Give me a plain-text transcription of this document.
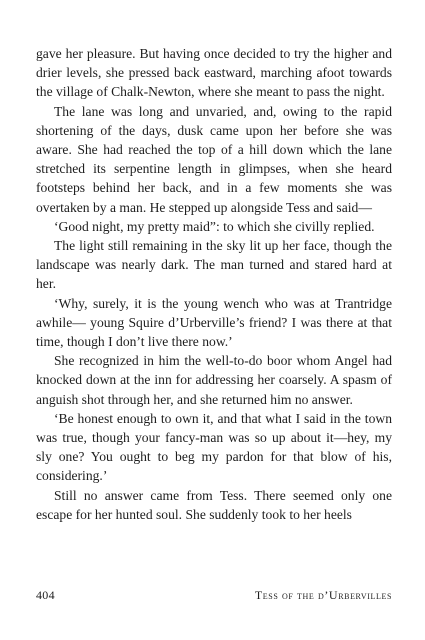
gave her pleasure. But having once decided to try the higher and drier levels, she pressed back eastward, marching afoot towards the village of Chalk-Newton, where she meant to pass the night.

The lane was long and unvaried, and, owing to the rapid shortening of the days, dusk came upon her before she was aware. She had reached the top of a hill down which the lane stretched its serpentine length in glimpses, when she heard footsteps behind her back, and in a few moments she was overtaken by a man. He stepped up alongside Tess and said—

‘Good night, my pretty maid”: to which she civilly replied.

The light still remaining in the sky lit up her face, though the landscape was nearly dark. The man turned and stared hard at her.

‘Why, surely, it is the young wench who was at Trantridge awhile— young Squire d’Urberville’s friend? I was there at that time, though I don’t live there now.’

She recognized in him the well-to-do boor whom Angel had knocked down at the inn for addressing her coarsely. A spasm of anguish shot through her, and she returned him no answer.

‘Be honest enough to own it, and that what I said in the town was true, though your fancy-man was so up about it—hey, my sly one? You ought to beg my pardon for that blow of his, considering.’

Still no answer came from Tess. There seemed only one escape for her hunted soul. She suddenly took to her heels

404	Tess of the d’Urbervilles
